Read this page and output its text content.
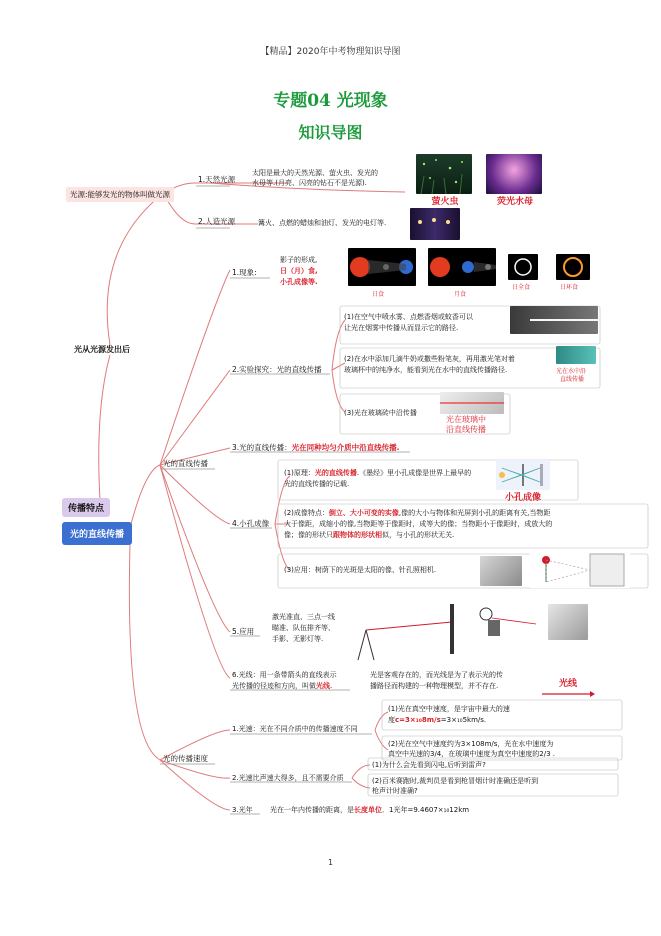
【精品】2020年中考物理知识导图
专题04 光现象
知识导图
光源:能够发光的物体叫做光源
光从光源发出后
传播特点
光的直线传播
1.天然光源
太阳是最大的天然光源、萤火虫、发光的
水母等.(月亮、闪亮的钻石不是光源).
萤火虫	荧光水母
2.人造光源	篝火、点燃的蜡烛和油灯、发光的电灯等.
光的直线传播
1.现象:
影子的形成,
日（月）食,
小孔成像等.
日食	月食
日全食	日环食
2.实验探究：光的直线传播
(1)在空气中喷水雾、点燃香烟或蚊香可以
让光在烟雾中传播从而显示它的路径.
(2)在水中添加几滴牛奶或撒些粉笔灰，再用激光笔对着
玻璃杯中的纯净水，能看到光在水中的直线传播路径.	光在水中沿
直线传播
(3)光在玻璃砖中沿传播
光在玻璃中
沿直线传播
3.光的直线传播：光在同种均匀介质中沿直线传播.
4.小孔成像
(1)原理：光的直线传播.《墨经》里小孔成像是世界上最早的
光的直线传播的记载.
小孔成像
(2)成像特点：倒立、大小可变的实像,像的大小与物体和光屏到小孔的距离有关,当物距
大于像距，成缩小的像,当物距等于像距时，成等大的像；当物距小于像距时，成放大的
像；像的形状只跟物体的形状相似，与小孔的形状无关.
(3)应用：树荫下的光斑是太阳的像、针孔照相机.
5.应用
激光准直、三点一线
瞄准、队伍排齐等、
手影、无影灯等.
6.光线：用一条带箭头的直线表示
光传播的径迹和方向，叫做光线.
光是客观存在的，而光线是为了表示光的传
播路径而构建的一种物理模型，并不存在.	光线
光的传播速度
1.光速：光在不同介质中的传播速度不同
(1)光在真空中速度，是宇宙中最大的速
度c=3×₁₀8m/s=3×₁₀5km/s.
(2)光在空气中速度约为3×108m/s，光在水中速度为
真空中光速的3/4，在玻璃中速度为真空中速度的2/3 .
2.光速比声速大得多，且不需要介质
(1)为什么会先看到闪电,后听到雷声?
(2)百米赛跑时,裁判员是看到枪冒烟计时准确还是听到
枪声计时准确?
3.光年 光在一年内传播的距离，是长度单位．1光年=9.4607×₁₀12km
1
